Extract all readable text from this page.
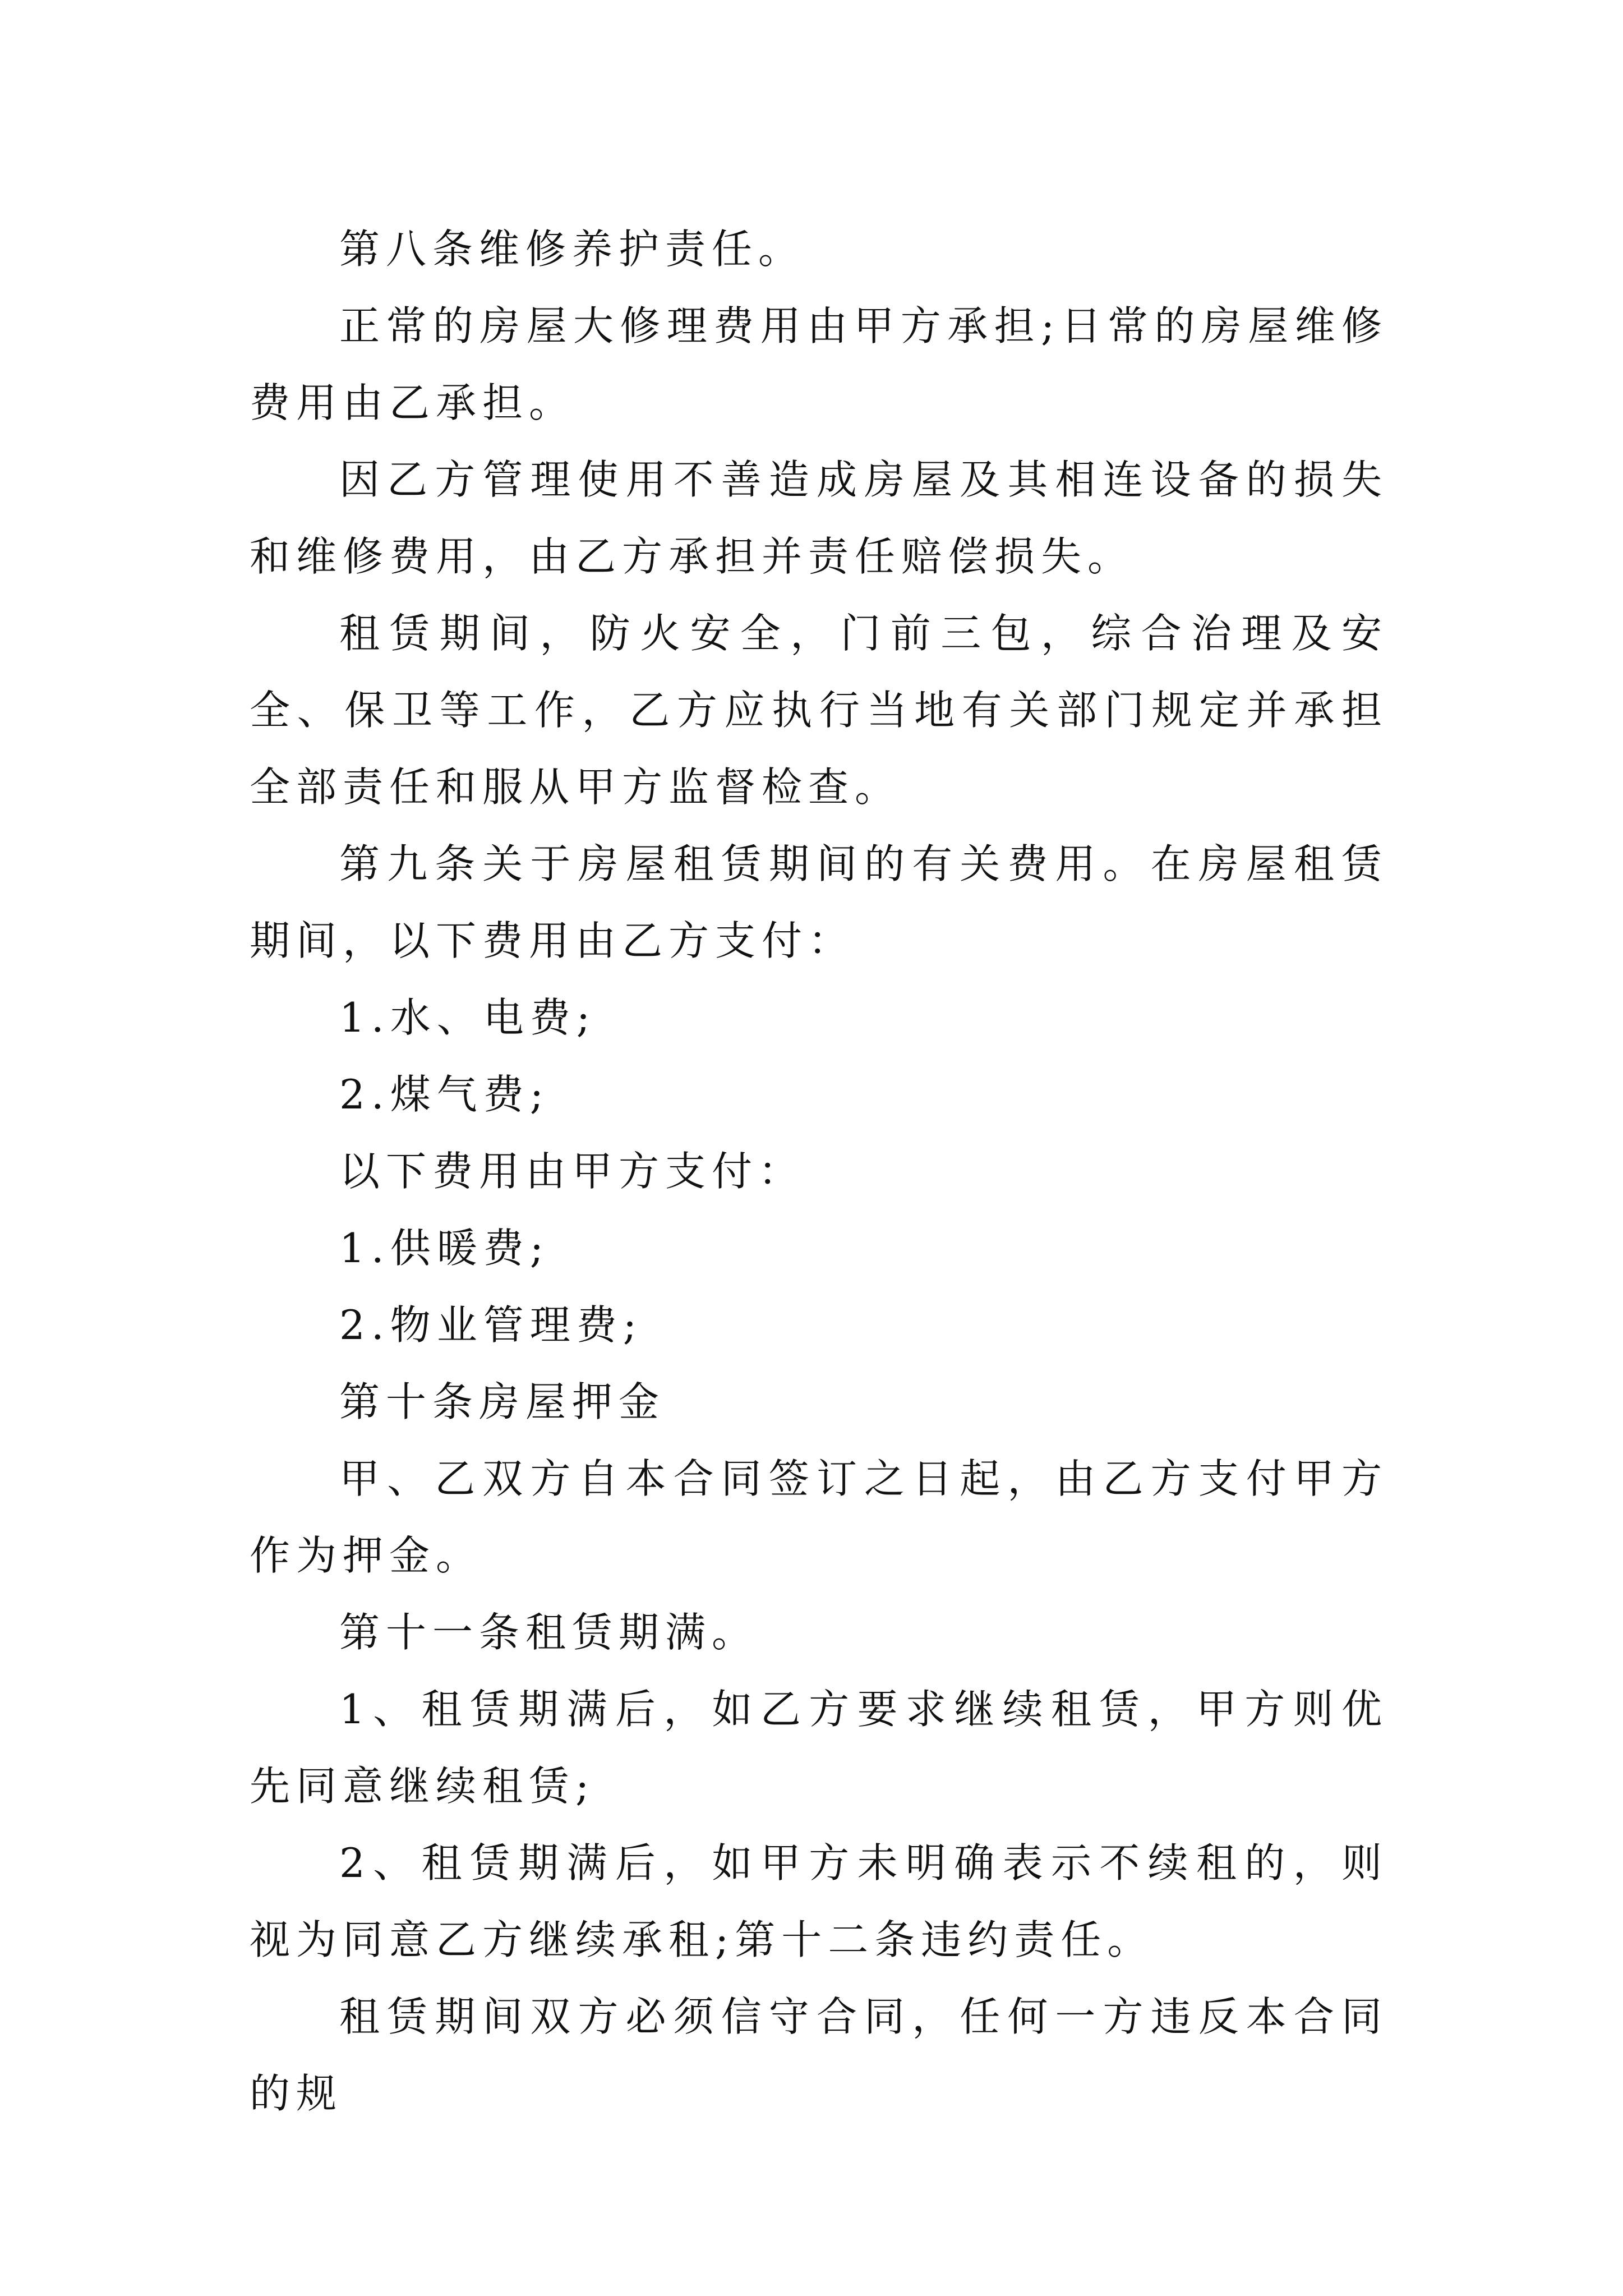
第八条维修养护责任。

正常的房屋大修理费用由甲方承担;日常的房屋维修费用由乙承担。

因乙方管理使用不善造成房屋及其相连设备的损失和维修费用，由乙方承担并责任赔偿损失。

租赁期间，防火安全，门前三包，综合治理及安全、保卫等工作，乙方应执行当地有关部门规定并承担全部责任和服从甲方监督检查。

第九条关于房屋租赁期间的有关费用。在房屋租赁期间，以下费用由乙方支付：

1.水、电费;

2.煤气费;

以下费用由甲方支付：

1.供暖费;

2.物业管理费;

第十条房屋押金

甲、乙双方自本合同签订之日起，由乙方支付甲方作为押金。

第十一条租赁期满。

1、租赁期满后，如乙方要求继续租赁，甲方则优先同意继续租赁;

2、租赁期满后，如甲方未明确表示不续租的，则视为同意乙方继续承租;第十二条违约责任。

租赁期间双方必须信守合同，任何一方违反本合同的规
